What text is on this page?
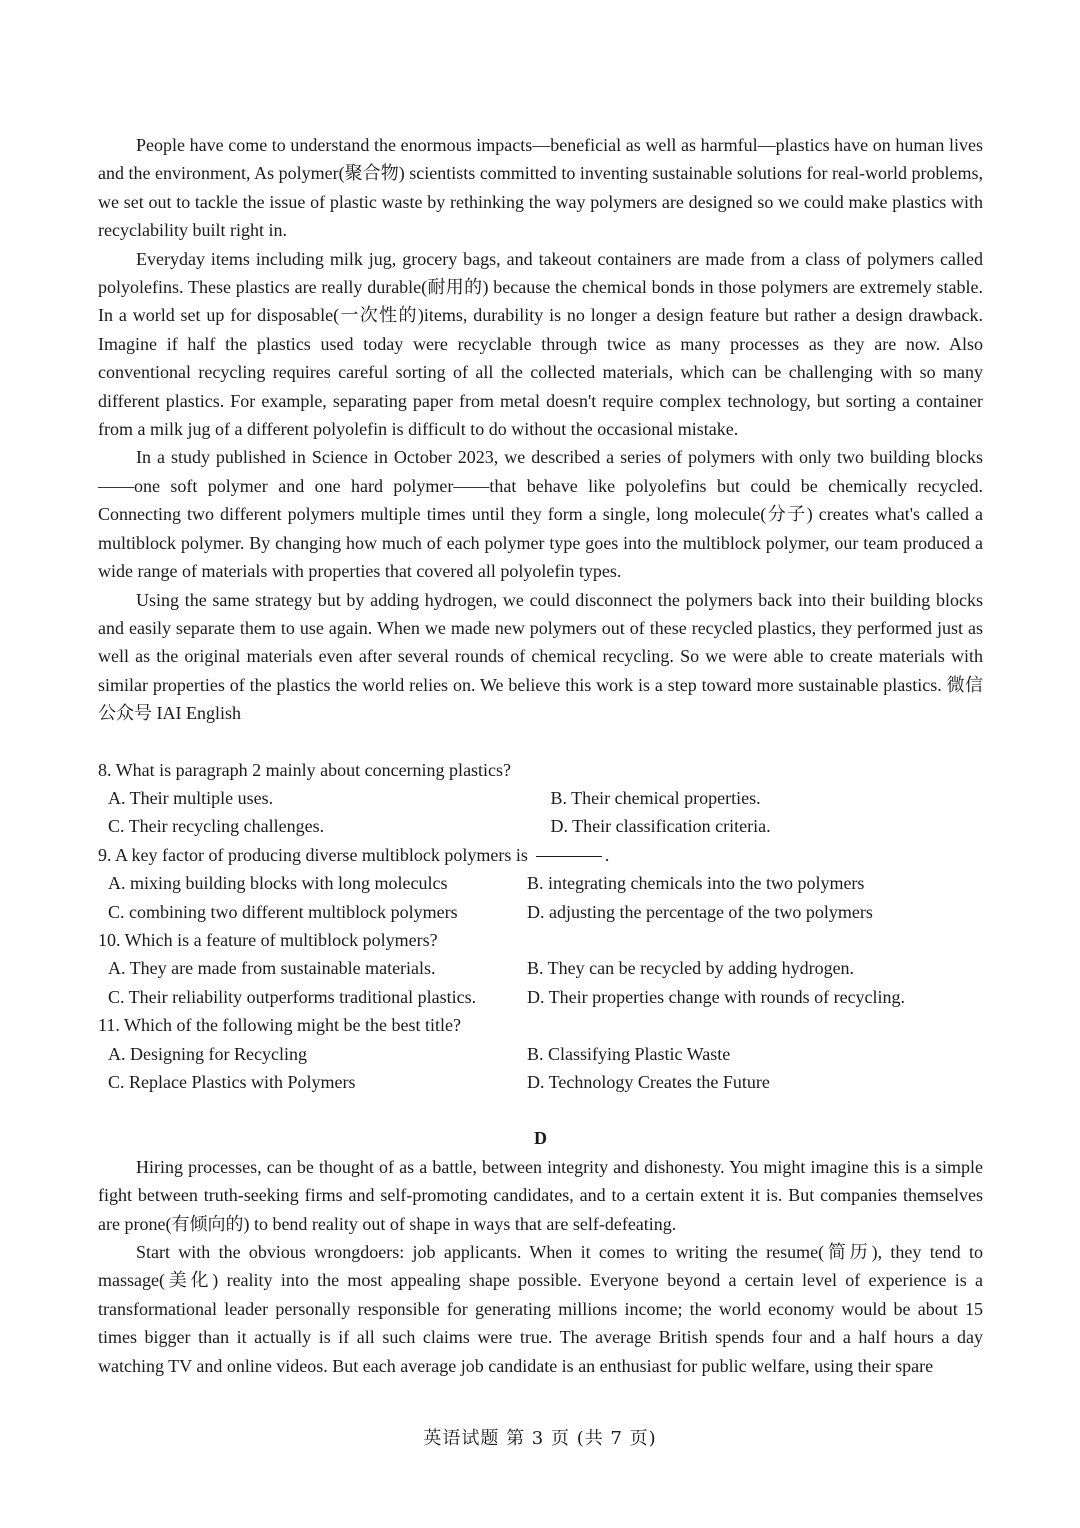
People have come to understand the enormous impacts—beneficial as well as harmful—plastics have on human lives and the environment, As polymer(聚合物) scientists committed to inventing sustainable solutions for real-world problems, we set out to tackle the issue of plastic waste by rethinking the way polymers are designed so we could make plastics with recyclability built right in.

Everyday items including milk jug, grocery bags, and takeout containers are made from a class of polymers called polyolefins. These plastics are really durable(耐用的) because the chemical bonds in those polymers are extremely stable. In a world set up for disposable(一次性的)items, durability is no longer a design feature but rather a design drawback. Imagine if half the plastics used today were recyclable through twice as many processes as they are now. Also conventional recycling requires careful sorting of all the collected materials, which can be challenging with so many different plastics. For example, separating paper from metal doesn't require complex technology, but sorting a container from a milk jug of a different polyolefin is difficult to do without the occasional mistake.

In a study published in Science in October 2023, we described a series of polymers with only two building blocks——one soft polymer and one hard polymer——that behave like polyolefins but could be chemically recycled. Connecting two different polymers multiple times until they form a single, long molecule(分子) creates what's called a multiblock polymer. By changing how much of each polymer type goes into the multiblock polymer, our team produced a wide range of materials with properties that covered all polyolefin types.

Using the same strategy but by adding hydrogen, we could disconnect the polymers back into their building blocks and easily separate them to use again. When we made new polymers out of these recycled plastics, they performed just as well as the original materials even after several rounds of chemical recycling. So we were able to create materials with similar properties of the plastics the world relies on. We believe this work is a step toward more sustainable plastics. 微信公众号 IAI English

8. What is paragraph 2 mainly about concerning plastics?

A. Their multiple uses.	B. Their chemical properties.

C. Their recycling challenges.	D. Their classification criteria.

9. A key factor of producing diverse multiblock polymers is	.

A. mixing building blocks with long moleculcs	B. integrating chemicals into the two polymers

C. combining two different multiblock polymers	D. adjusting the percentage of the two polymers

10. Which is a feature of multiblock polymers?

A. They are made from sustainable materials.	B. They can be recycled by adding hydrogen.

C. Their reliability outperforms traditional plastics.	D. Their properties change with rounds of recycling.

11. Which of the following might be the best title?

A. Designing for Recycling	B. Classifying Plastic Waste

C. Replace Plastics with Polymers	D. Technology Creates the Future

D

Hiring processes, can be thought of as a battle, between integrity and dishonesty. You might imagine this is a simple fight between truth-seeking firms and self-promoting candidates, and to a certain extent it is. But companies themselves are prone(有倾向的) to bend reality out of shape in ways that are self-defeating.

Start with the obvious wrongdoers: job applicants. When it comes to writing the resume(简历), they tend to massage(美化) reality into the most appealing shape possible. Everyone beyond a certain level of experience is a transformational leader personally responsible for generating millions income; the world economy would be about 15 times bigger than it actually is if all such claims were true. The average British spends four and a half hours a day watching TV and online videos. But each average job candidate is an enthusiast for public welfare, using their spare

英语试题 第 3 页 (共 7 页)
